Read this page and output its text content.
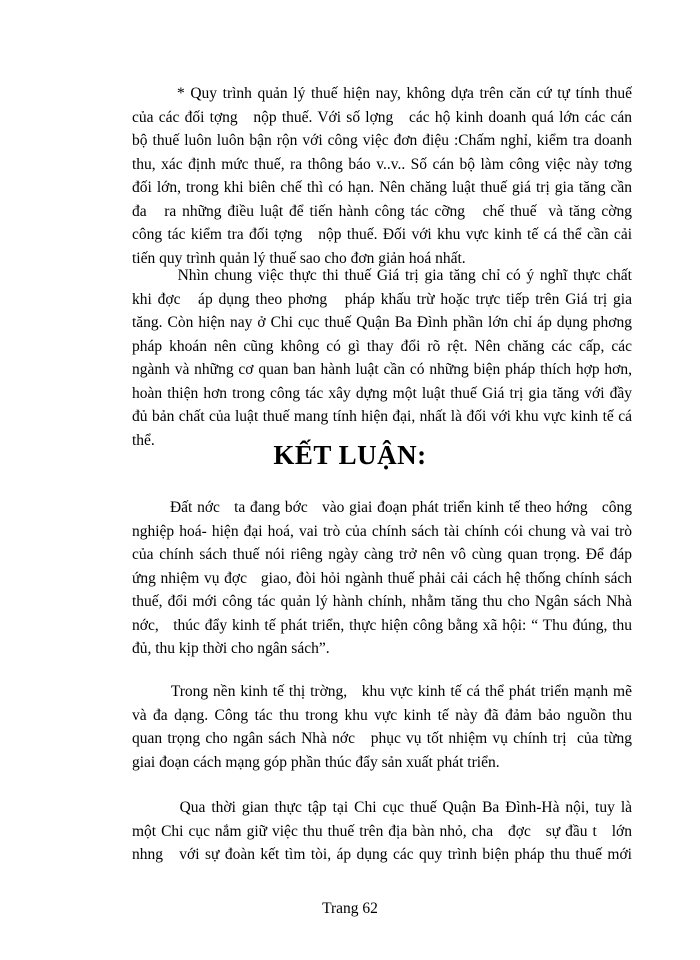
* Quy trình quản lý thuế hiện nay, không dựa trên căn cứ tự tính thuế
của các đối tợng   nộp thuế. Với số lợng   các hộ kinh doanh quá lớn các cán
bộ thuế luôn luôn bận rộn với công việc đơn điệu :Chấm nghỉ, kiểm tra doanh
thu, xác định mức thuế, ra thông báo v..v.. Số cán bộ làm công việc này tơng
đối lớn, trong khi biên chế thì có hạn. Nên chăng luật thuế giá trị gia tăng cần
đa   ra những điều luật để tiến hành công tác cỡng   chế thuế  và tăng cờng
công tác kiểm tra đối tợng   nộp thuế. Đối với khu vực kinh tế cá thể cần cải
tiến quy trình quản lý thuế sao cho đơn giản hoá nhất.
Nhìn chung việc thực thi thuế Giá trị gia tăng chỉ có ý nghĩ thực chất
khi đợc   áp dụng theo phơng   pháp khấu trừ hoặc trực tiếp trên Giá trị gia
tăng. Còn hiện nay ở Chi cục thuế Quận Ba Đình phần lớn chỉ áp dụng phơng
pháp khoán nên cũng không có gì thay đổi rõ rệt. Nên chăng các cấp, các
ngành và những cơ quan ban hành luật cần có những biện pháp thích hợp hơn,
hoàn thiện hơn trong công tác xây dựng một luật thuế Giá trị gia tăng với đầy
đủ bản chất của luật thuế mang tính hiện đại, nhất là đối với khu vực kinh tế cá
thể.	KẾT LUẬN:
Đất nớc   ta đang bớc   vào giai đoạn phát triển kinh tế theo hớng   công
nghiệp hoá- hiện đại hoá, vai trò của chính sách tài chính cói chung và vai trò
của chính sách thuế nói riêng ngày càng trở nên vô cùng quan trọng. Để đáp
ứng nhiệm vụ đợc   giao, đòi hỏi ngành thuế phải cải cách hệ thống chính sách
thuế, đổi mới công tác quản lý hành chính, nhằm tăng thu cho Ngân sách Nhà
nớc,   thúc đẩy kinh tế phát triển, thực hiện công bằng xã hội: “ Thu đúng, thu
đủ, thu kịp thời cho ngân sách”.
Trong nền kinh tế thị trờng,   khu vực kinh tế cá thể phát triển mạnh mẽ
và đa dạng. Công tác thu trong khu vực kinh tế này đã đảm bảo nguồn thu
quan trọng cho ngân sách Nhà nớc   phục vụ tốt nhiệm vụ chính trị  của từng
giai đoạn cách mạng góp phần thúc đẩy sản xuất phát triển.
Qua thời gian thực tập tại Chi cục thuế Quận Ba Đình-Hà nội, tuy là
một Chi cục nắm giữ việc thu thuế trên địa bàn nhỏ, cha   đợc   sự đầu t   lớn
nhng   với sự đoàn kết tìm tòi, áp dụng các quy trình biện pháp thu thuế mới
Trang 62
